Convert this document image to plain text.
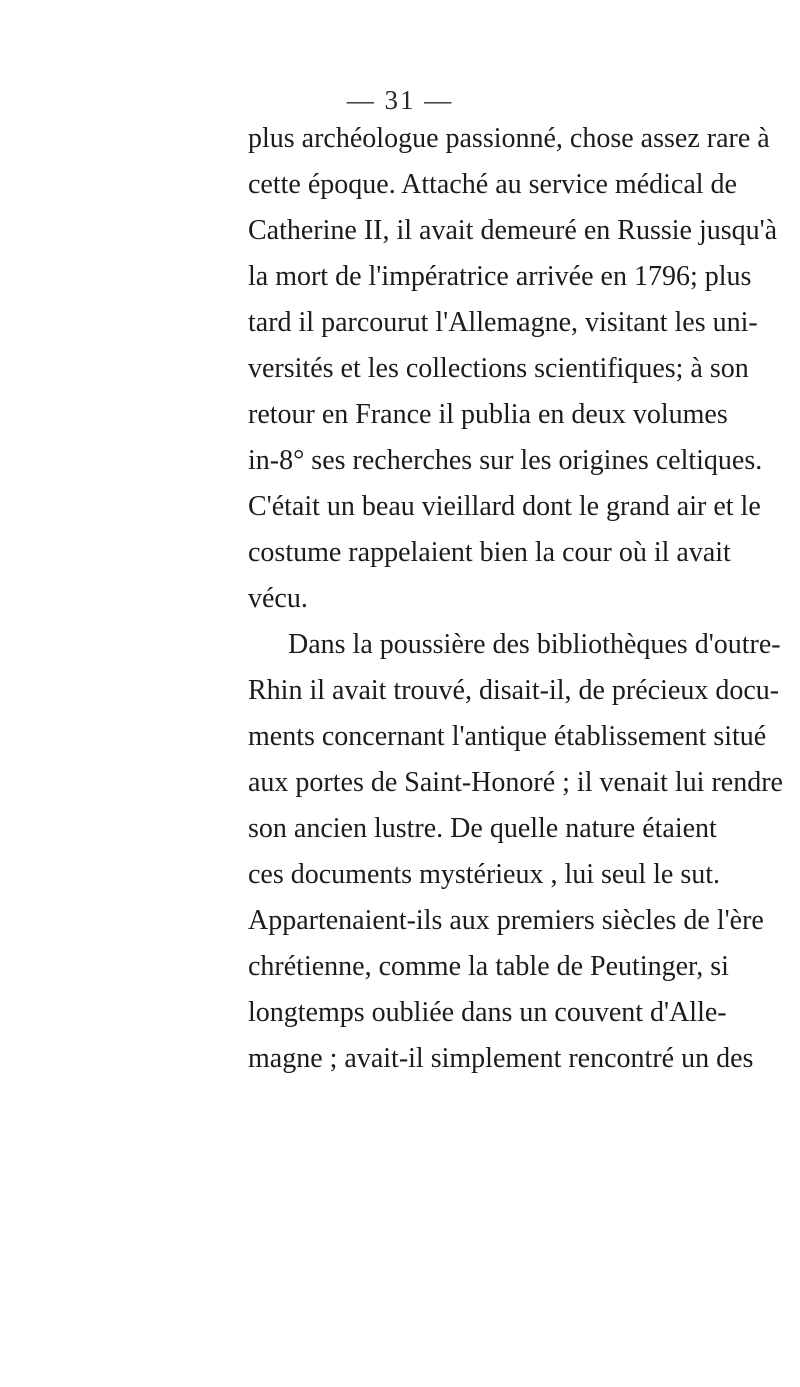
— 31 —
plus archéologue passionné, chose assez rare à
cette époque. Attaché au service médical de
Catherine II, il avait demeuré en Russie jusqu'à
la mort de l'impératrice arrivée en 1796; plus
tard il parcourut l'Allemagne, visitant les uni-
versités et les collections scientifiques; à son
retour en France il publia en deux volumes
in-8° ses recherches sur les origines celtiques.
C'était un beau vieillard dont le grand air et le
costume rappelaient bien la cour où il avait
vécu.
Dans la poussière des bibliothèques d'outre-
Rhin il avait trouvé, disait-il, de précieux docu-
ments concernant l'antique établissement situé
aux portes de Saint-Honoré ; il venait lui rendre
son ancien lustre. De quelle nature étaient
ces documents mystérieux , lui seul le sut.
Appartenaient-ils aux premiers siècles de l'ère
chrétienne, comme la table de Peutinger, si
longtemps oubliée dans un couvent d'Alle-
magne ; avait-il simplement rencontré un des
